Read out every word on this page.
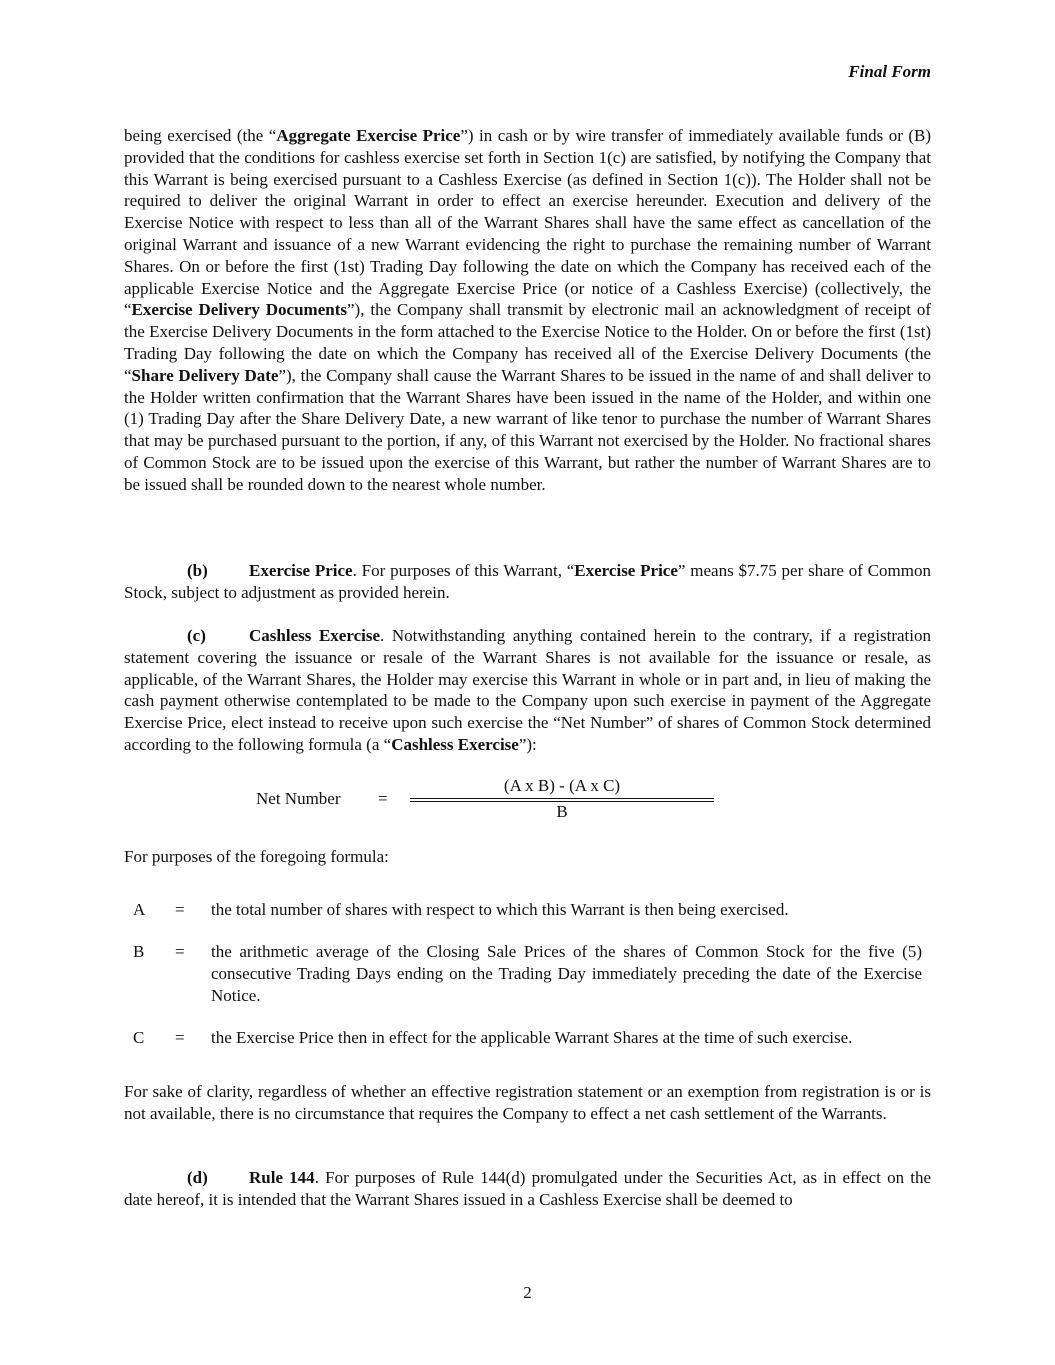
Final Form

being exercised (the “Aggregate Exercise Price”) in cash or by wire transfer of immediately available funds or (B) provided that the conditions for cashless exercise set forth in Section 1(c) are satisfied, by notifying the Company that this Warrant is being exercised pursuant to a Cashless Exercise (as defined in Section 1(c)). The Holder shall not be required to deliver the original Warrant in order to effect an exercise hereunder. Execution and delivery of the Exercise Notice with respect to less than all of the Warrant Shares shall have the same effect as cancellation of the original Warrant and issuance of a new Warrant evidencing the right to purchase the remaining number of Warrant Shares. On or before the first (1st) Trading Day following the date on which the Company has received each of the applicable Exercise Notice and the Aggregate Exercise Price (or notice of a Cashless Exercise) (collectively, the “Exercise Delivery Documents”), the Company shall transmit by electronic mail an acknowledgment of receipt of the Exercise Delivery Documents in the form attached to the Exercise Notice to the Holder. On or before the first (1st) Trading Day following the date on which the Company has received all of the Exercise Delivery Documents (the “Share Delivery Date”), the Company shall cause the Warrant Shares to be issued in the name of and shall deliver to the Holder written confirmation that the Warrant Shares have been issued in the name of the Holder, and within one (1) Trading Day after the Share Delivery Date, a new warrant of like tenor to purchase the number of Warrant Shares that may be purchased pursuant to the portion, if any, of this Warrant not exercised by the Holder. No fractional shares of Common Stock are to be issued upon the exercise of this Warrant, but rather the number of Warrant Shares are to be issued shall be rounded down to the nearest whole number.

(b) Exercise Price. For purposes of this Warrant, “Exercise Price” means $7.75 per share of Common Stock, subject to adjustment as provided herein.

(c)	Cashless Exercise. Notwithstanding anything contained herein to the contrary, if a registration statement covering the issuance or resale of the Warrant Shares is not available for the issuance or resale, as applicable, of the Warrant Shares, the Holder may exercise this Warrant in whole or in part and, in lieu of making the cash payment otherwise contemplated to be made to the Company upon such exercise in payment of the Aggregate Exercise Price, elect instead to receive upon such exercise the “Net Number” of shares of Common Stock determined according to the following formula (a “Cashless Exercise”):

Net Number =
(A x B) - (A x C)
B

For purposes of the foregoing formula:

A = the total number of shares with respect to which this Warrant is then being exercised.
B = the arithmetic average of the Closing Sale Prices of the shares of Common Stock for the five (5) consecutive Trading Days ending on the Trading Day immediately preceding the date of the Exercise Notice.
C = the Exercise Price then in effect for the applicable Warrant Shares at the time of such exercise.

For sake of clarity, regardless of whether an effective registration statement or an exemption from registration is or is not available, there is no circumstance that requires the Company to effect a net cash settlement of the Warrants.

(d) Rule 144. For purposes of Rule 144(d) promulgated under the Securities Act, as in effect on the date hereof, it is intended that the Warrant Shares issued in a Cashless Exercise shall be deemed to

2
